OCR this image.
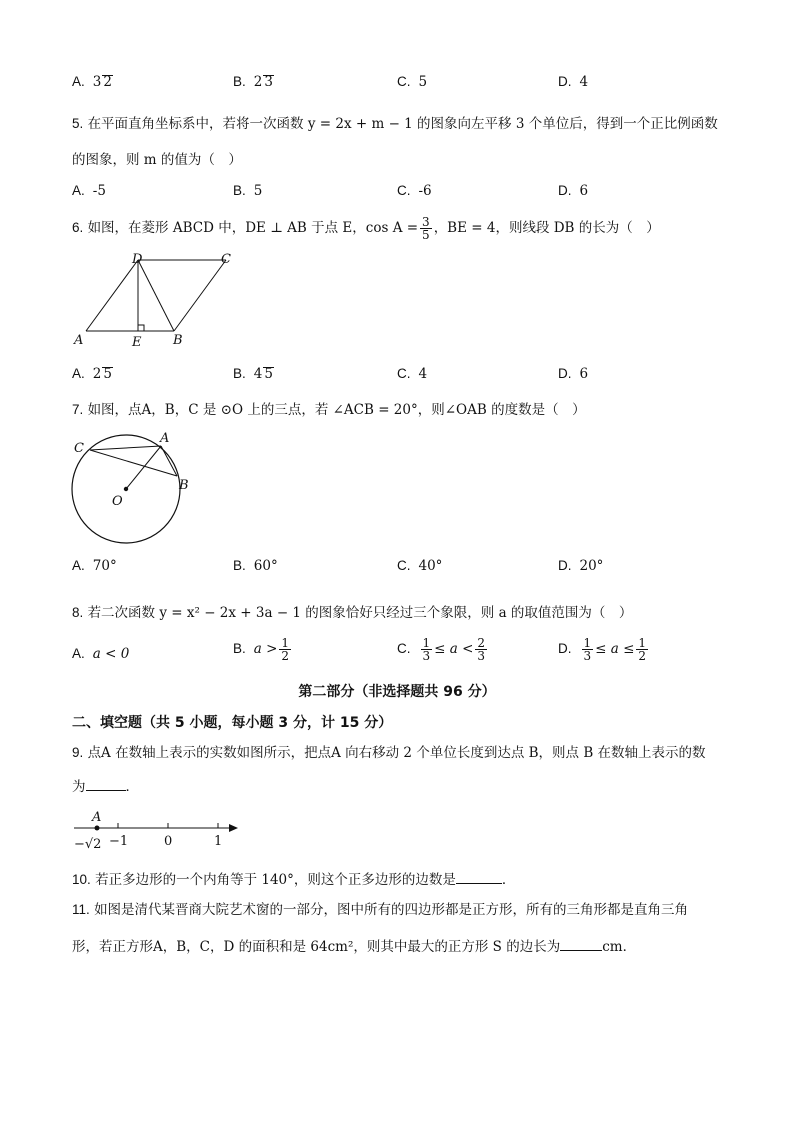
A. 3 2	B. 2 3	C. 5	D. 4
5. 在平面直角坐标系中，若将一次函数 y = 2x + m − 1 的图象向左平移 3 个单位后，得到一个正比例函数
的图象，则 m 的值为（　）
A. -5	B. 5	C. -6	D. 6
6. 如图，在菱形 ABCD 中，DE ⊥ AB 于点 E，$\cos A = \frac{3}{5}$ ，BE = 4，则线段 DB 的长为（　）
A	E B
D	C
A. 2 5	B. 4 5	C. 4	D. 6
7. 如图，点A，B，C 是 ⊙O 上的三点，若 ∠ACB = 20°，则∠OAB 的度数是（　）
C
A
B
O
A. 70°	B. 60°	C. 40°	D. 20°
8. 若二次函数 y = x² − 2x + 3a − 1 的图象恰好只经过三个象限，则 a 的取值范围为（　）
A. a < 0	B. $a > \frac{1}{2}$	C. $\frac{1}{3} \le a < \frac{2}{3}$	D. $\frac{1}{3} \le a \le \frac{1}{2}$
第二部分（非选择题共 96 分）
二、填空题（共 5 小题，每小题 3 分，计 15 分）
9. 点A 在数轴上表示的实数如图所示，把点A 向右移动 2 个单位长度到达点 B，则点 B 在数轴上表示的数
为	．
A
−√2 −1	0	1
10. 若正多边形的一个内角等于 140°，则这个正多边形的边数是	．
11. 如图是清代某晋商大院艺术窗的一部分，图中所有的四边形都是正方形，所有的三角形都是直角三角
形，若正方形A，B，C，D 的面积和是 64cm²，则其中最大的正方形 S 的边长为	cm．
